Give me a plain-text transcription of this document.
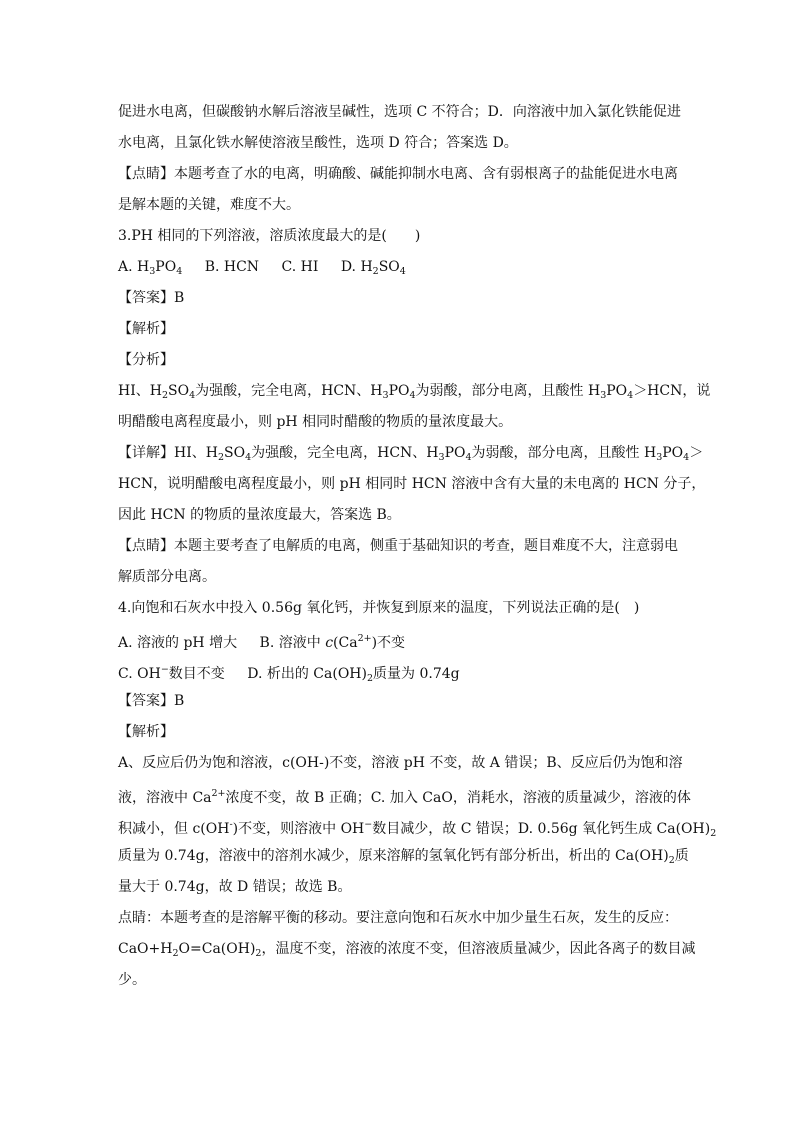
促进水电离，但碳酸钠水解后溶液呈碱性，选项 C 不符合；D．向溶液中加入氯化铁能促进
水电离，且氯化铁水解使溶液呈酸性，选项 D 符合；答案选 D。
【点睛】本题考查了水的电离，明确酸、碱能抑制水电离、含有弱根离子的盐能促进水电离
是解本题的关键，难度不大。
3.PH 相同的下列溶液，溶质浓度最大的是(　　)
A. $H_3PO_4$ B. HCN C. HI D. $H_2SO_4$
【答案】B
【解析】
【分析】
HI、$H_2SO_4$为强酸，完全电离，HCN、$H_3PO_4$为弱酸，部分电离，且酸性 $H_3PO_4>HCN$，说
明醋酸电离程度最小，则 pH 相同时醋酸的物质的量浓度最大。
【详解】HI、$H_2SO_4$为强酸，完全电离，HCN、$H_3PO_4$为弱酸，部分电离，且酸性 $H_3PO_4>$
HCN，说明醋酸电离程度最小，则 pH 相同时 HCN 溶液中含有大量的未电离的 HCN 分子，
因此 HCN 的物质的量浓度最大，答案选 B。
【点睛】本题主要考查了电解质的电离，侧重于基础知识的考查，题目难度不大，注意弱电
解质部分电离。
4.向饱和石灰水中投入 0.56g 氧化钙，并恢复到原来的温度，下列说法正确的是(　)
A. 溶液的 pH 增大 B. 溶液中 $c(Ca^{2+})$不变
C. OH−数目不变 D. 析出的 $Ca(OH)_2$质量为 0.74g
【答案】B
【解析】
A、反应后仍为饱和溶液，c(OH-)不变，溶液 pH 不变，故 A 错误；B、反应后仍为饱和溶
液，溶液中 $Ca^{2+}$浓度不变，故 B 正确；C. 加入 CaO，消耗水，溶液的质量减少，溶液的体
积减小，但 c(OH-)不变，则溶液中 OH−数目减少，故 C 错误；D. 0.56g 氧化钙生成 $Ca(OH)_2$
质量为 0.74g，溶液中的溶剂水减少，原来溶解的氢氧化钙有部分析出，析出的 $Ca(OH)_2$质
量大于 0.74g，故 D 错误；故选 B。
点睛：本题考查的是溶解平衡的移动。要注意向饱和石灰水中加少量生石灰，发生的反应：
$CaO+H_2O=Ca(OH)_2$，温度不变，溶液的浓度不变，但溶液质量减少，因此各离子的数目减
少。
